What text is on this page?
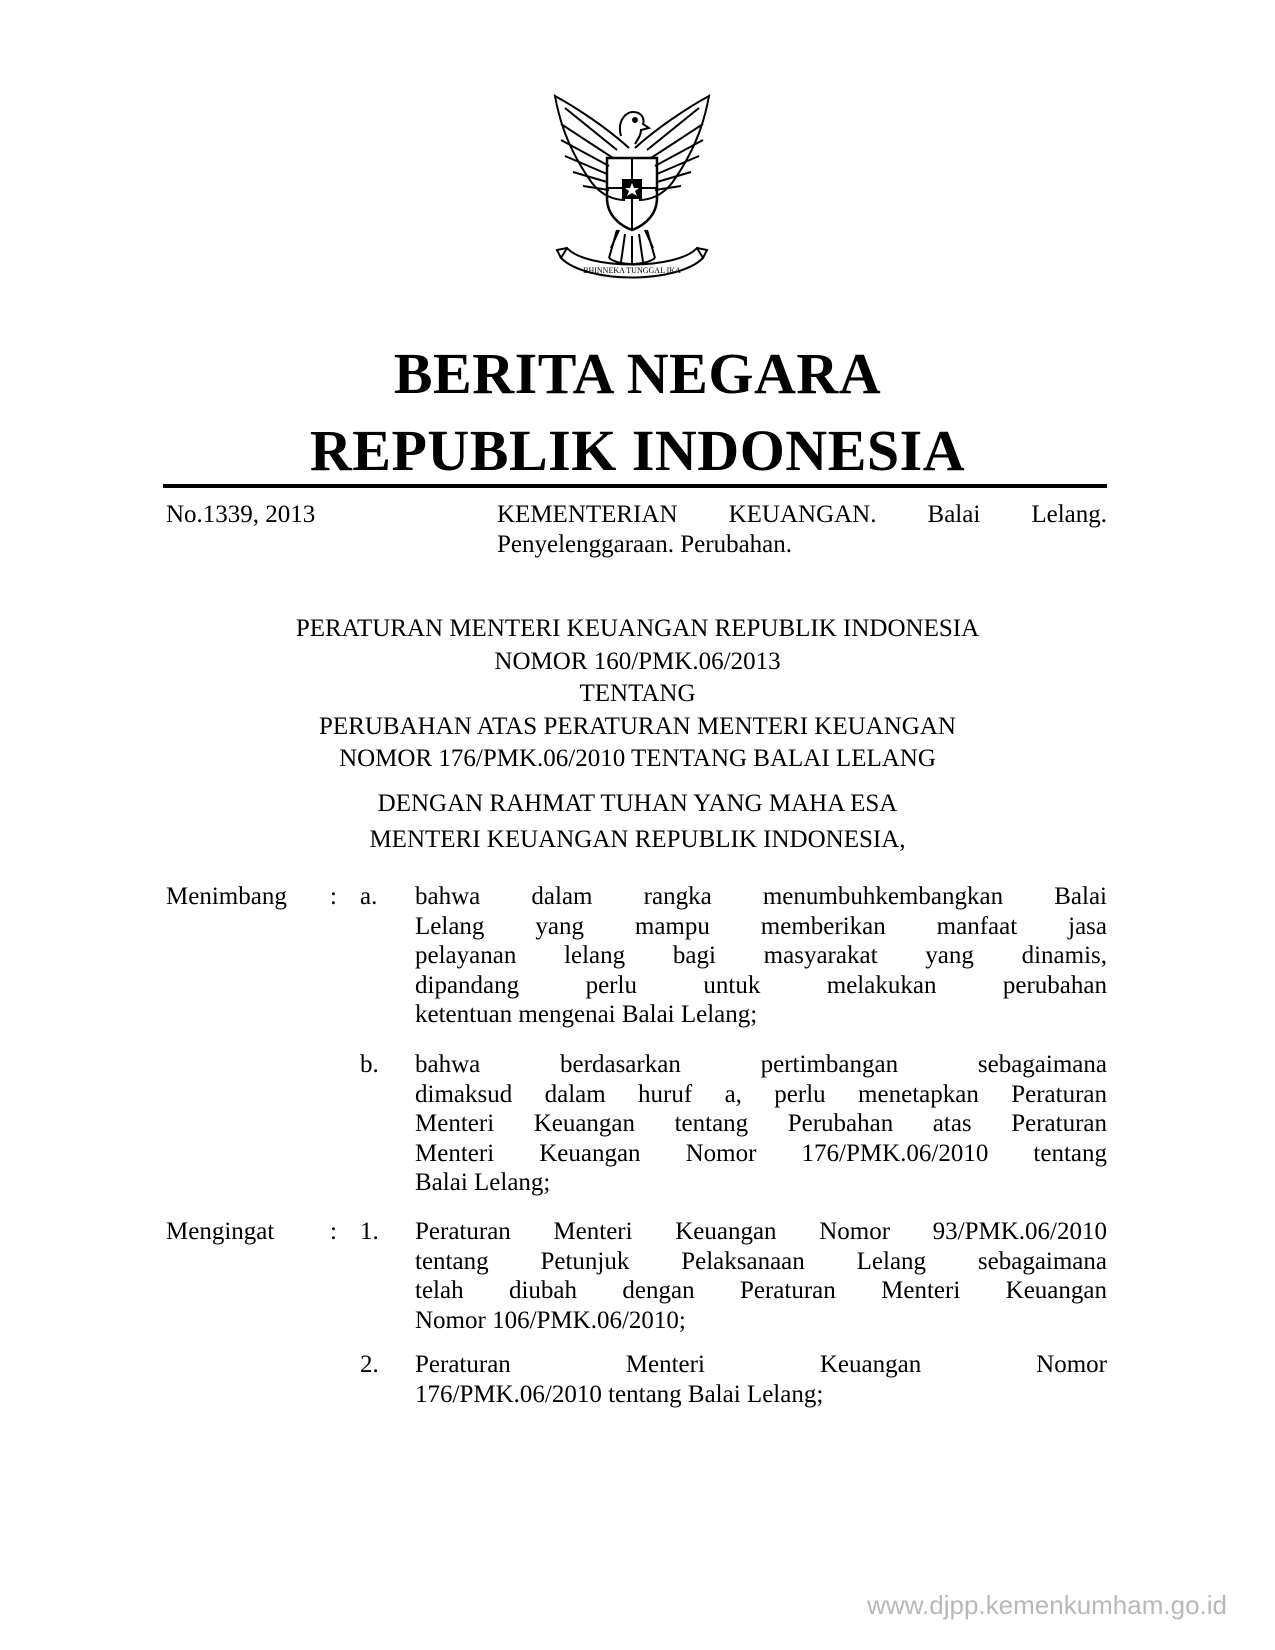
BHINNEKA TUNGGAL IKA
BERITA NEGARA
REPUBLIK INDONESIA
No.1339, 2013	KEMENTERIAN KEUANGAN. Balai Lelang.
Penyelenggaraan. Perubahan.
PERATURAN MENTERI KEUANGAN REPUBLIK INDONESIA
NOMOR 160/PMK.06/2013
TENTANG
PERUBAHAN ATAS PERATURAN MENTERI KEUANGAN
NOMOR 176/PMK.06/2010 TENTANG BALAI LELANG
DENGAN RAHMAT TUHAN YANG MAHA ESA
MENTERI KEUANGAN REPUBLIK INDONESIA,
Menimbang : a. bahwa dalam rangka menumbuhkembangkan Balai
Lelang yang mampu memberikan manfaat jasa
pelayanan lelang bagi masyarakat yang dinamis,
dipandang perlu untuk melakukan perubahan
ketentuan mengenai Balai Lelang;
b. bahwa berdasarkan pertimbangan sebagaimana
dimaksud dalam huruf a, perlu menetapkan Peraturan
Menteri Keuangan tentang Perubahan atas Peraturan
Menteri Keuangan Nomor 176/PMK.06/2010 tentang
Balai Lelang;
Mengingat : 1. Peraturan Menteri Keuangan Nomor 93/PMK.06/2010
tentang Petunjuk Pelaksanaan Lelang sebagaimana
telah diubah dengan Peraturan Menteri Keuangan
Nomor 106/PMK.06/2010;
2. Peraturan Menteri Keuangan Nomor
176/PMK.06/2010 tentang Balai Lelang;
www.djpp.kemenkumham.go.id
